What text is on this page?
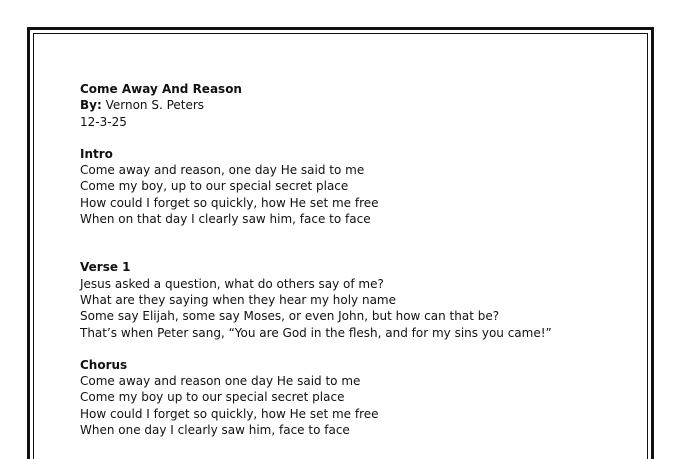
Come Away And Reason
By: Vernon S. Peters
12-3-25
Intro
Come away and reason, one day He said to me
Come my boy, up to our special secret place
How could I forget so quickly, how He set me free
When on that day I clearly saw him, face to face
Verse 1
Jesus asked a question, what do others say of me?
What are they saying when they hear my holy name
Some say Elijah, some say Moses, or even John, but how can that be?
That’s when Peter sang, “You are God in the flesh, and for my sins you came!”
Chorus
Come away and reason one day He said to me
Come my boy up to our special secret place
How could I forget so quickly, how He set me free
When one day I clearly saw him, face to face
